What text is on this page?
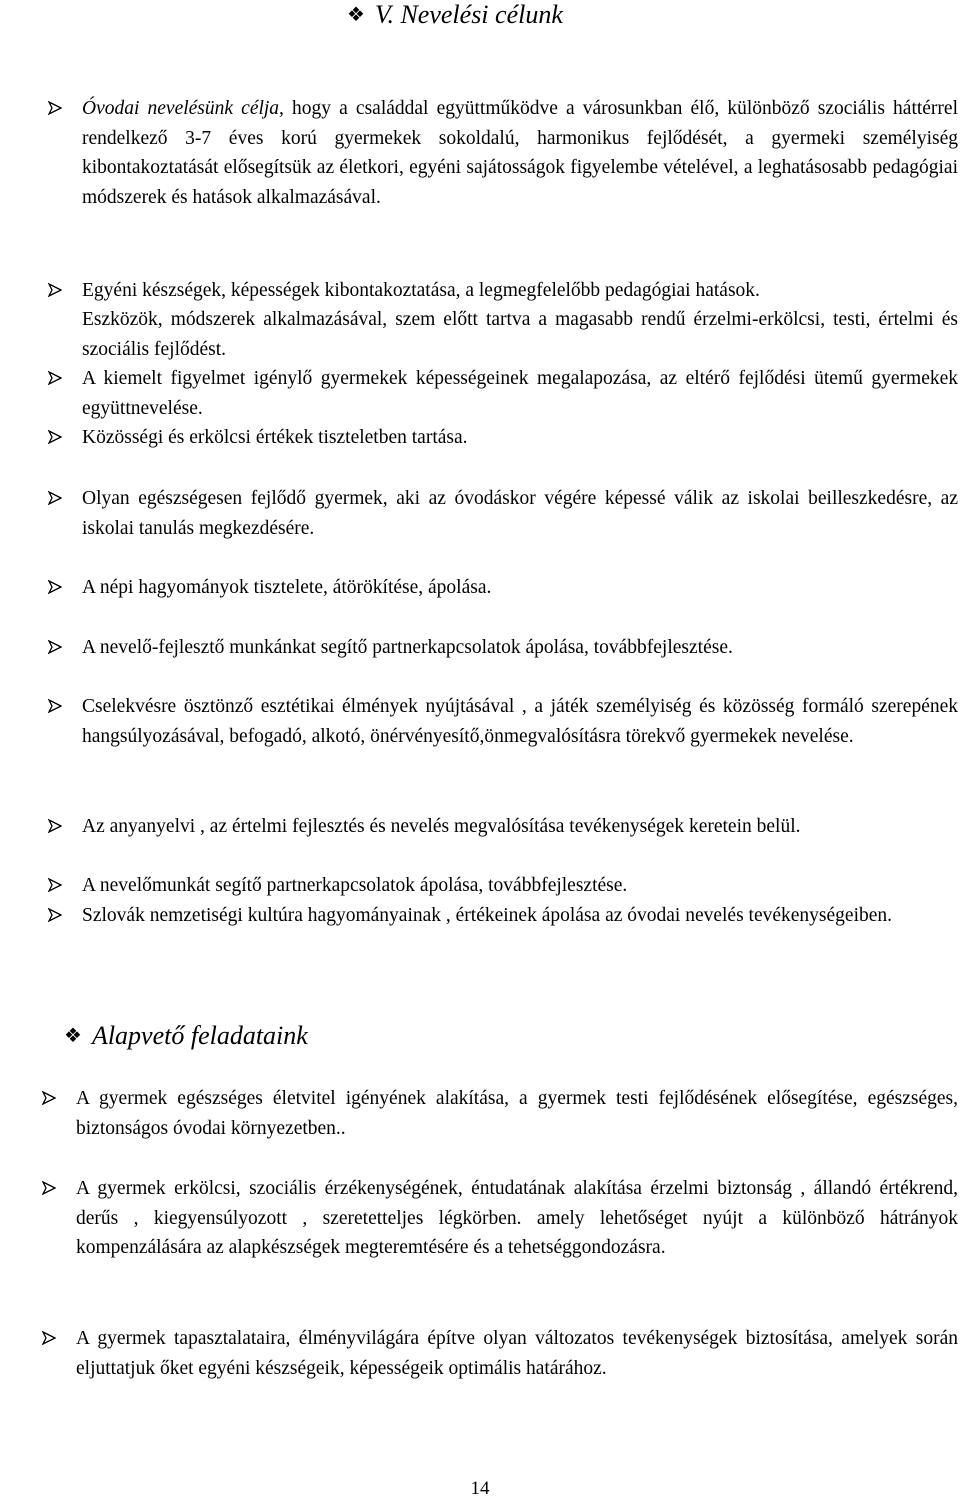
❖ V. Nevelési célunk
Óvodai nevelésünk célja, hogy a családdal együttműködve a városunkban élő, különböző szociális háttérrel rendelkező 3-7 éves korú gyermekek sokoldalú, harmonikus fejlődését, a gyermeki személyiség kibontakoztatását elősegítsük az életkori, egyéni sajátosságok figyelembe vételével, a leghatásosabb pedagógiai módszerek és hatások alkalmazásával.
Egyéni készségek, képességek kibontakoztatása, a legmegfelelőbb pedagógiai hatások.
Eszközök, módszerek alkalmazásával, szem előtt tartva a magasabb rendű érzelmi-erkölcsi, testi, értelmi és szociális fejlődést.
A kiemelt figyelmet igénylő gyermekek képességeinek megalapozása, az eltérő fejlődési ütemű gyermekek együttnevelése.
Közösségi és erkölcsi értékek tiszteletben tartása.
Olyan egészségesen fejlődő gyermek, aki az óvodáskor végére képessé válik az iskolai beilleszkedésre, az iskolai tanulás megkezdésére.
A népi hagyományok tisztelete, átörökítése, ápolása.
A nevelő-fejlesztő munkánkat segítő partnerkapcsolatok ápolása, továbbfejlesztése.
Cselekvésre ösztönző esztétikai élmények nyújtásával , a játék személyiség és közösség formáló szerepének hangsúlyozásával, befogadó, alkotó, önérvényesítő,önmegvalósításra törekvő gyermekek nevelése.
Az anyanyelvi , az értelmi fejlesztés és nevelés megvalósítása tevékenységek keretein belül.
A nevelőmunkát segítő partnerkapcsolatok ápolása, továbbfejlesztése.
Szlovák nemzetiségi kultúra hagyományainak , értékeinek ápolása az óvodai nevelés tevékenységeiben.
❖ Alapvető feladataink
A gyermek egészséges életvitel igényének alakítása, a gyermek testi fejlődésének elősegítése, egészséges, biztonságos óvodai környezetben..
A gyermek erkölcsi, szociális érzékenységének, éntudatának alakítása érzelmi biztonság , állandó értékrend, derűs , kiegyensúlyozott , szeretetteljes légkörben. amely lehetőséget nyújt a különböző hátrányok kompenzálására az alapkészségek megteremtésére és a tehetséggondozásra.
A gyermek tapasztalataira, élményvilágára építve olyan változatos tevékenységek biztosítása, amelyek során eljuttatjuk őket egyéni készségeik, képességeik optimális határához.
14
